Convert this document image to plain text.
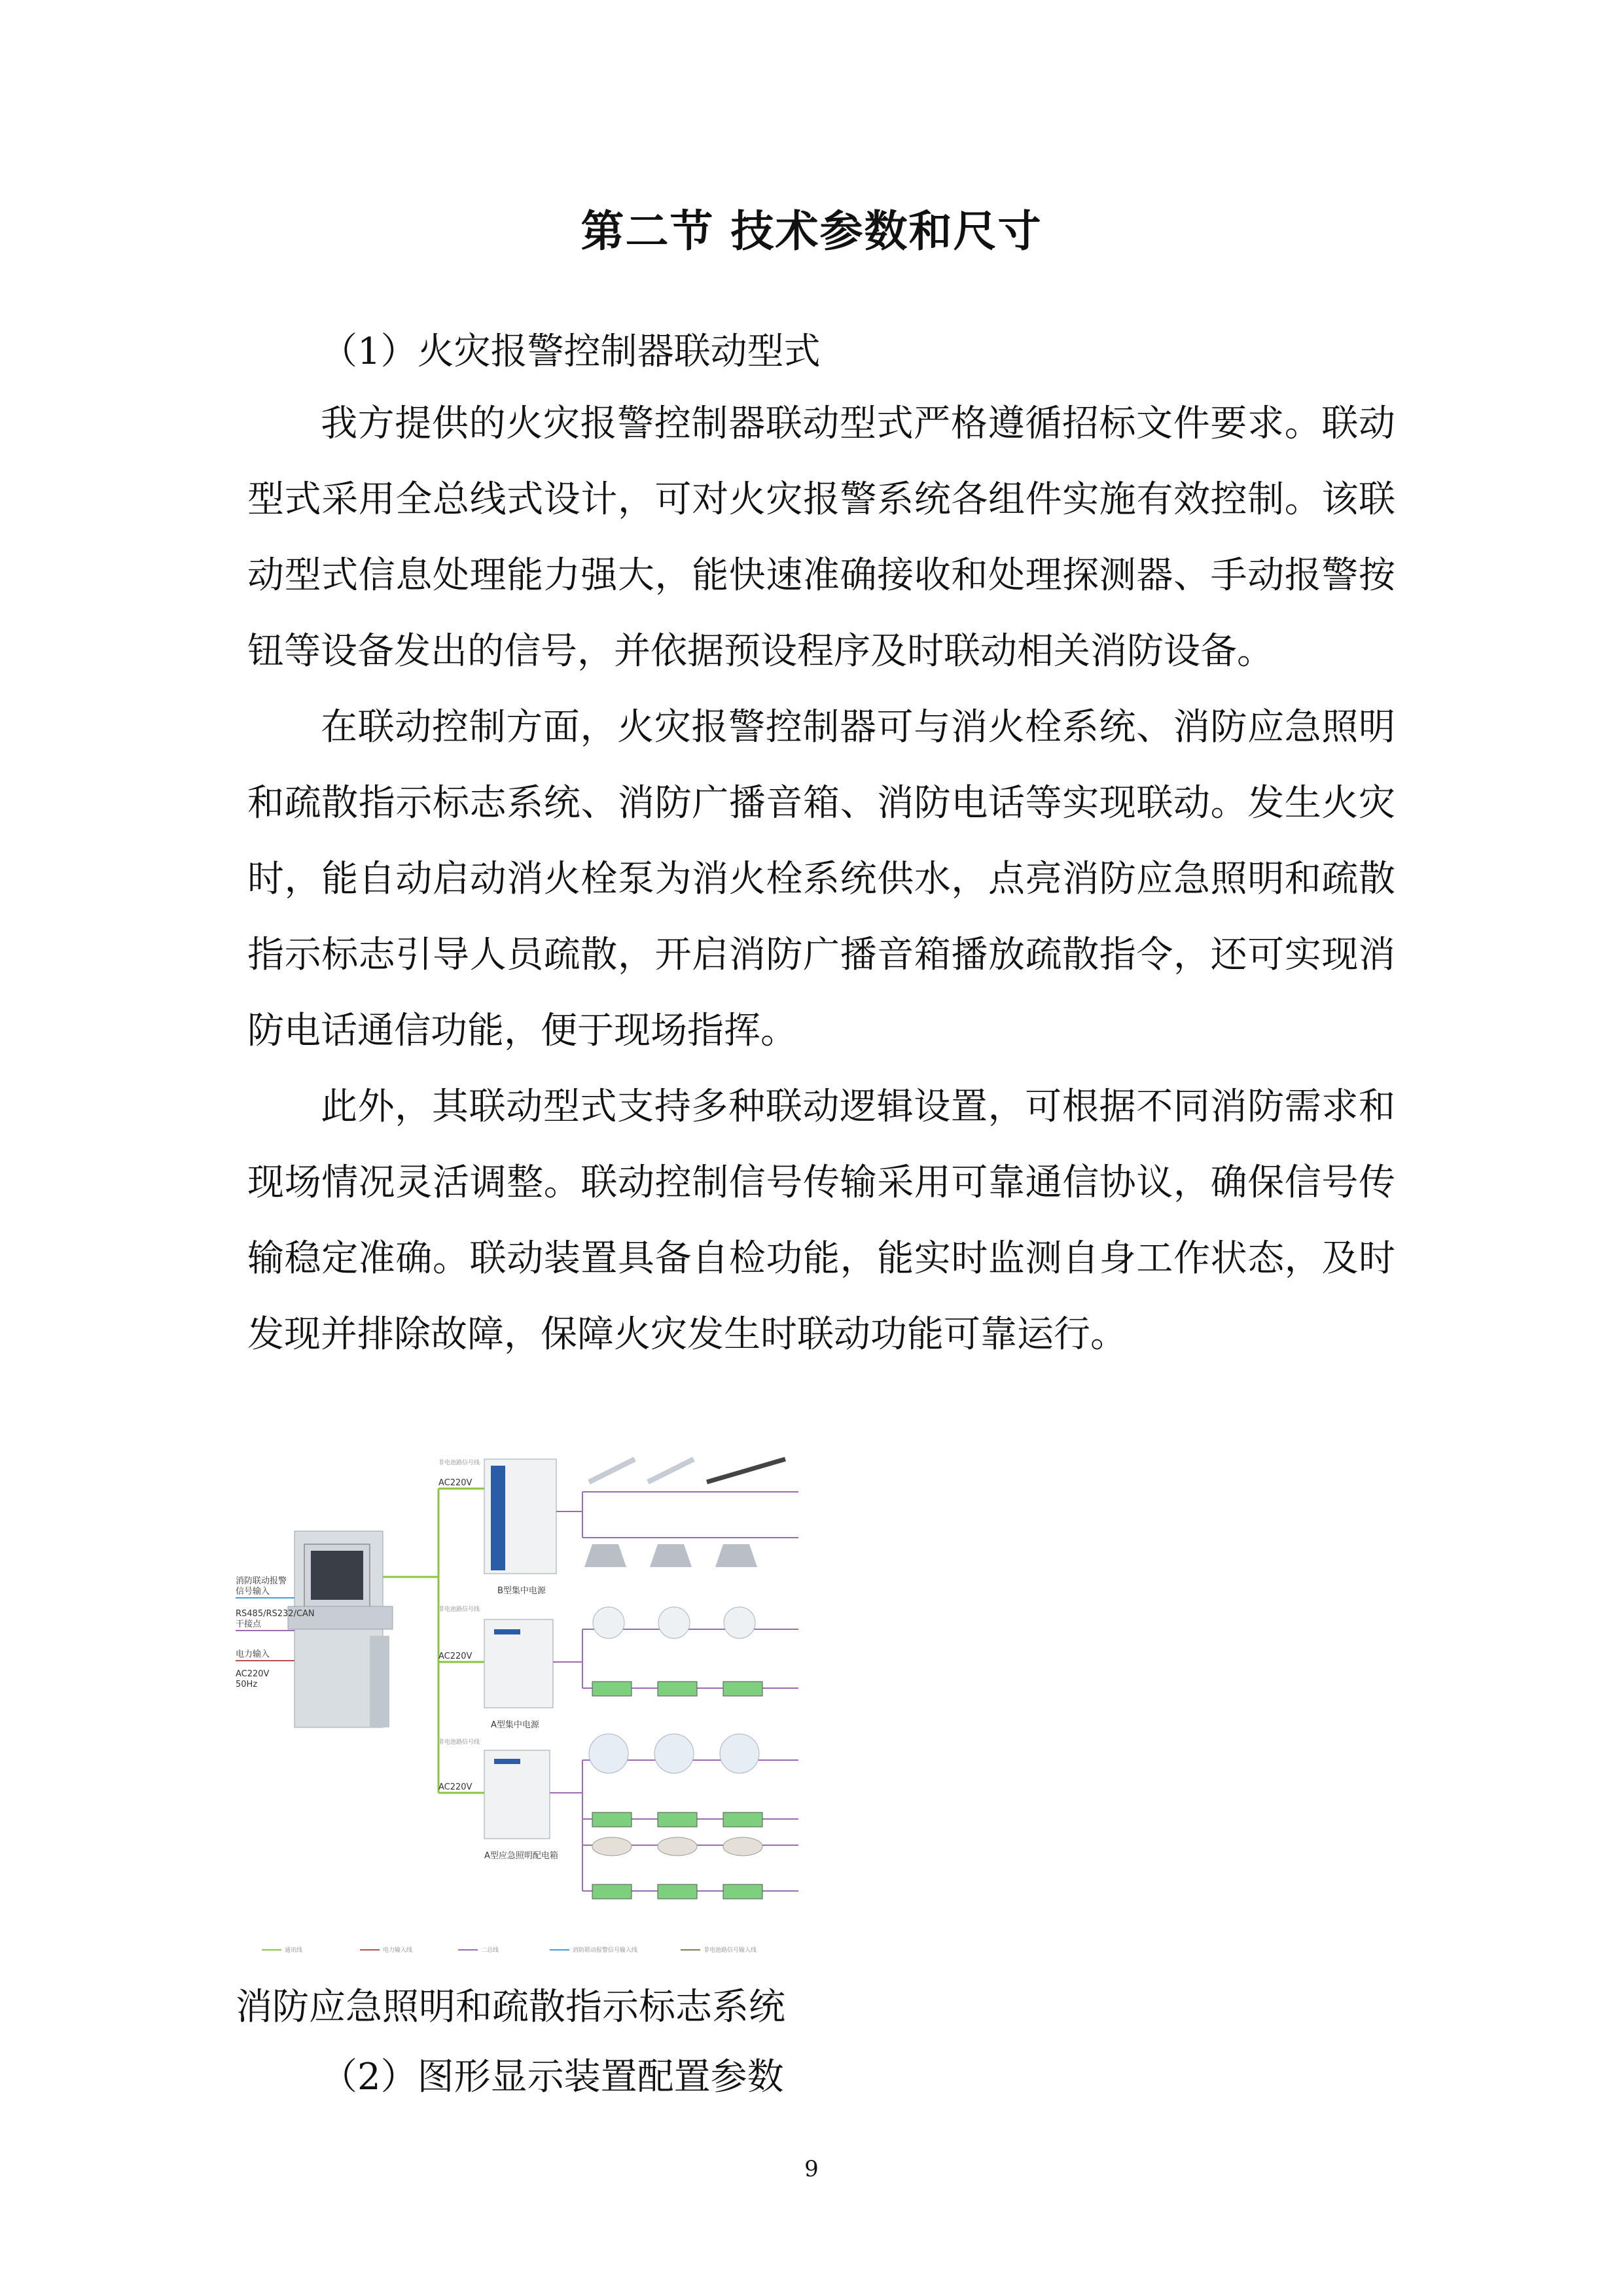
第二节 技术参数和尺寸
（1）火灾报警控制器联动型式

我方提供的火灾报警控制器联动型式严格遵循招标文件要求。联动型式采用全总线式设计，可对火灾报警系统各组件实施有效控制。该联动型式信息处理能力强大，能快速准确接收和处理探测器、手动报警按钮等设备发出的信号，并依据预设程序及时联动相关消防设备。

在联动控制方面，火灾报警控制器可与消火栓系统、消防应急照明和疏散指示标志系统、消防广播音箱、消防电话等实现联动。发生火灾时，能自动启动消火栓泵为消火栓系统供水，点亮消防应急照明和疏散指示标志引导人员疏散，开启消防广播音箱播放疏散指令，还可实现消防电话通信功能，便于现场指挥。

此外，其联动型式支持多种联动逻辑设置，可根据不同消防需求和现场情况灵活调整。联动控制信号传输采用可靠通信协议，确保信号传输稳定准确。联动装置具备自检功能，能实时监测自身工作状态，及时发现并排除故障，保障火灾发生时联动功能可靠运行。

消防联动报警
信号输入
RS485/RS232/CAN
干接点
电力输入
AC220V
50Hz
非电池路信号线
AC220V
B型集中电源
非电池路信号线
AC220V
A型集中电源
非电池路信号线
AC220V
A型应急照明配电箱
通讯线	电力输入线	二总线	消防联动报警信号输入线	非电池路信号输入线
消防应急照明和疏散指示标志系统
（2）图形显示装置配置参数
9
